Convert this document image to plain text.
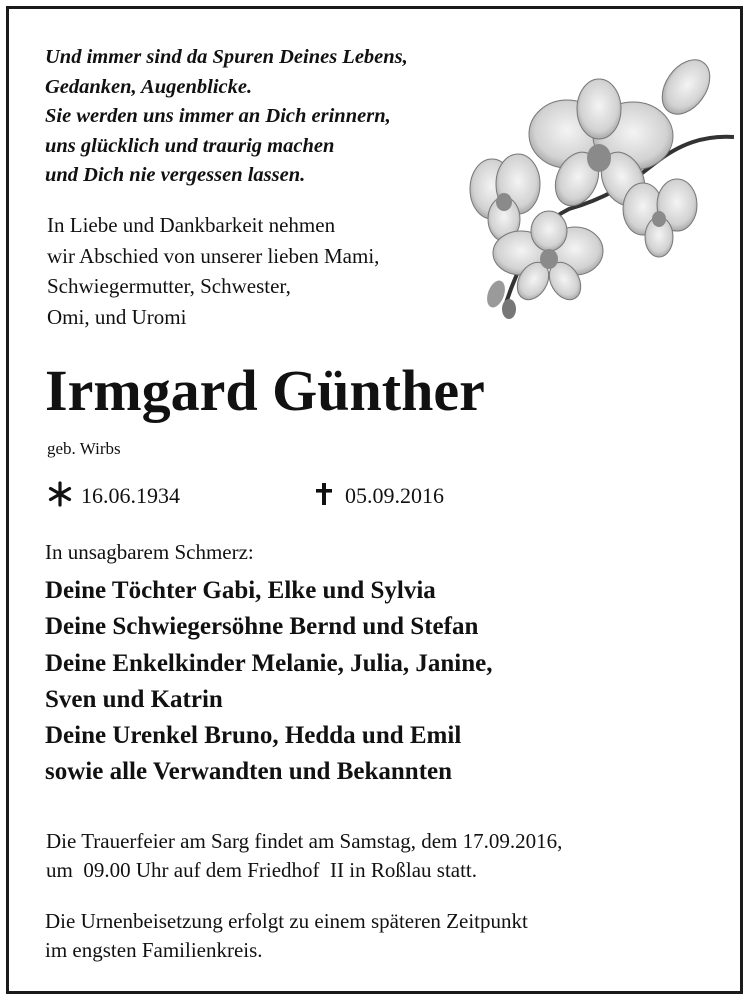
Und immer sind da Spuren Deines Lebens,
Gedanken, Augenblicke.
Sie werden uns immer an Dich erinnern,
uns glücklich und traurig machen
und Dich nie vergessen lassen.

In Liebe und Dankbarkeit nehmen
wir Abschied von unserer lieben Mami,
Schwiegermutter, Schwester,
Omi, und Uromi
Irmgard Günther
geb. Wirbs
16.06.1934	05.09.2016
In unsagbarem Schmerz:
Deine Töchter Gabi, Elke und Sylvia
Deine Schwiegersöhne Bernd und Stefan
Deine Enkelkinder Melanie, Julia, Janine,
Sven und Katrin
Deine Urenkel Bruno, Hedda und Emil
sowie alle Verwandten und Bekannten
Die Trauerfeier am Sarg findet am Samstag, dem 17.09.2016,
um  09.00 Uhr auf dem Friedhof  II in Roßlau statt.
Die Urnenbeisetzung erfolgt zu einem späteren Zeitpunkt
im engsten Familienkreis.
